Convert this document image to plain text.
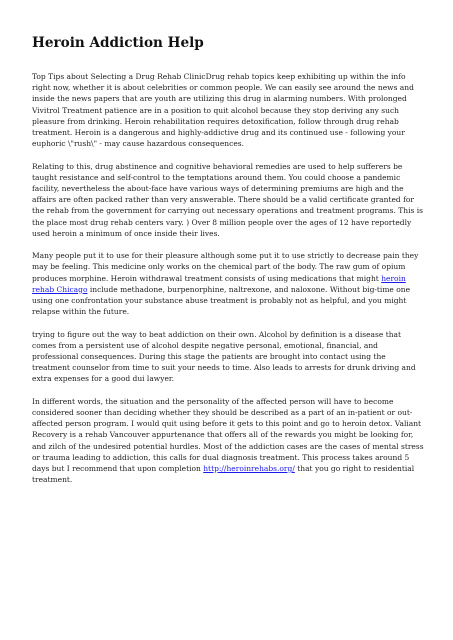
Heroin Addiction Help

Top Tips about Selecting a Drug Rehab ClinicDrug rehab topics keep exhibiting up within the info right now, whether it is about celebrities or common people. We can easily see around the news and inside the news papers that are youth are utilizing this drug in alarming numbers. With prolonged Vivitrol Treatment patience are in a position to quit alcohol because they stop deriving any such pleasure from drinking. Heroin rehabilitation requires detoxification, follow through drug rehab treatment. Heroin is a dangerous and highly-addictive drug and its continued use - following your euphoric \"rush\" - may cause hazardous consequences.

Relating to this, drug abstinence and cognitive behavioral remedies are used to help sufferers be taught resistance and self-control to the temptations around them. You could choose a pandemic facility, nevertheless the about-face have various ways of determining premiums are high and the affairs are often packed rather than very answerable. There should be a valid certificate granted for the rehab from the government for carrying out necessary operations and treatment programs. This is the place most drug rehab centers vary. ) Over 8 million people over the ages of 12 have reportedly used heroin a minimum of once inside their lives.

Many people put it to use for their pleasure although some put it to use strictly to decrease pain they may be feeling. This medicine only works on the chemical part of the body. The raw gum of opium produces morphine. Heroin withdrawal treatment consists of using medications that might heroin rehab Chicago include methadone, burpenorphine, naltrexone, and naloxone. Without big-time one using one confrontation your substance abuse treatment is probably not as helpful, and you might relapse within the future.

trying to figure out the way to beat addiction on their own. Alcohol by definition is a disease that comes from a persistent use of alcohol despite negative personal, emotional, financial, and professional consequences. During this stage the patients are brought into contact using the treatment counselor from time to suit your needs to time. Also leads to arrests for drunk driving and extra expenses for a good dui lawyer.

In different words, the situation and the personality of the affected person will have to become considered sooner than deciding whether they should be described as a part of an in-patient or out-affected person program. I would quit using before it gets to this point and go to heroin detox. Valiant Recovery is a rehab Vancouver appurtenance that offers all of the rewards you might be looking for, and zilch of the undesired potential hurdles. Most of the addiction cases are the cases of mental stress or trauma leading to addiction, this calls for dual diagnosis treatment. This process takes around 5 days but I recommend that upon completion http://heroinrehabs.org/ that you go right to residential treatment.
